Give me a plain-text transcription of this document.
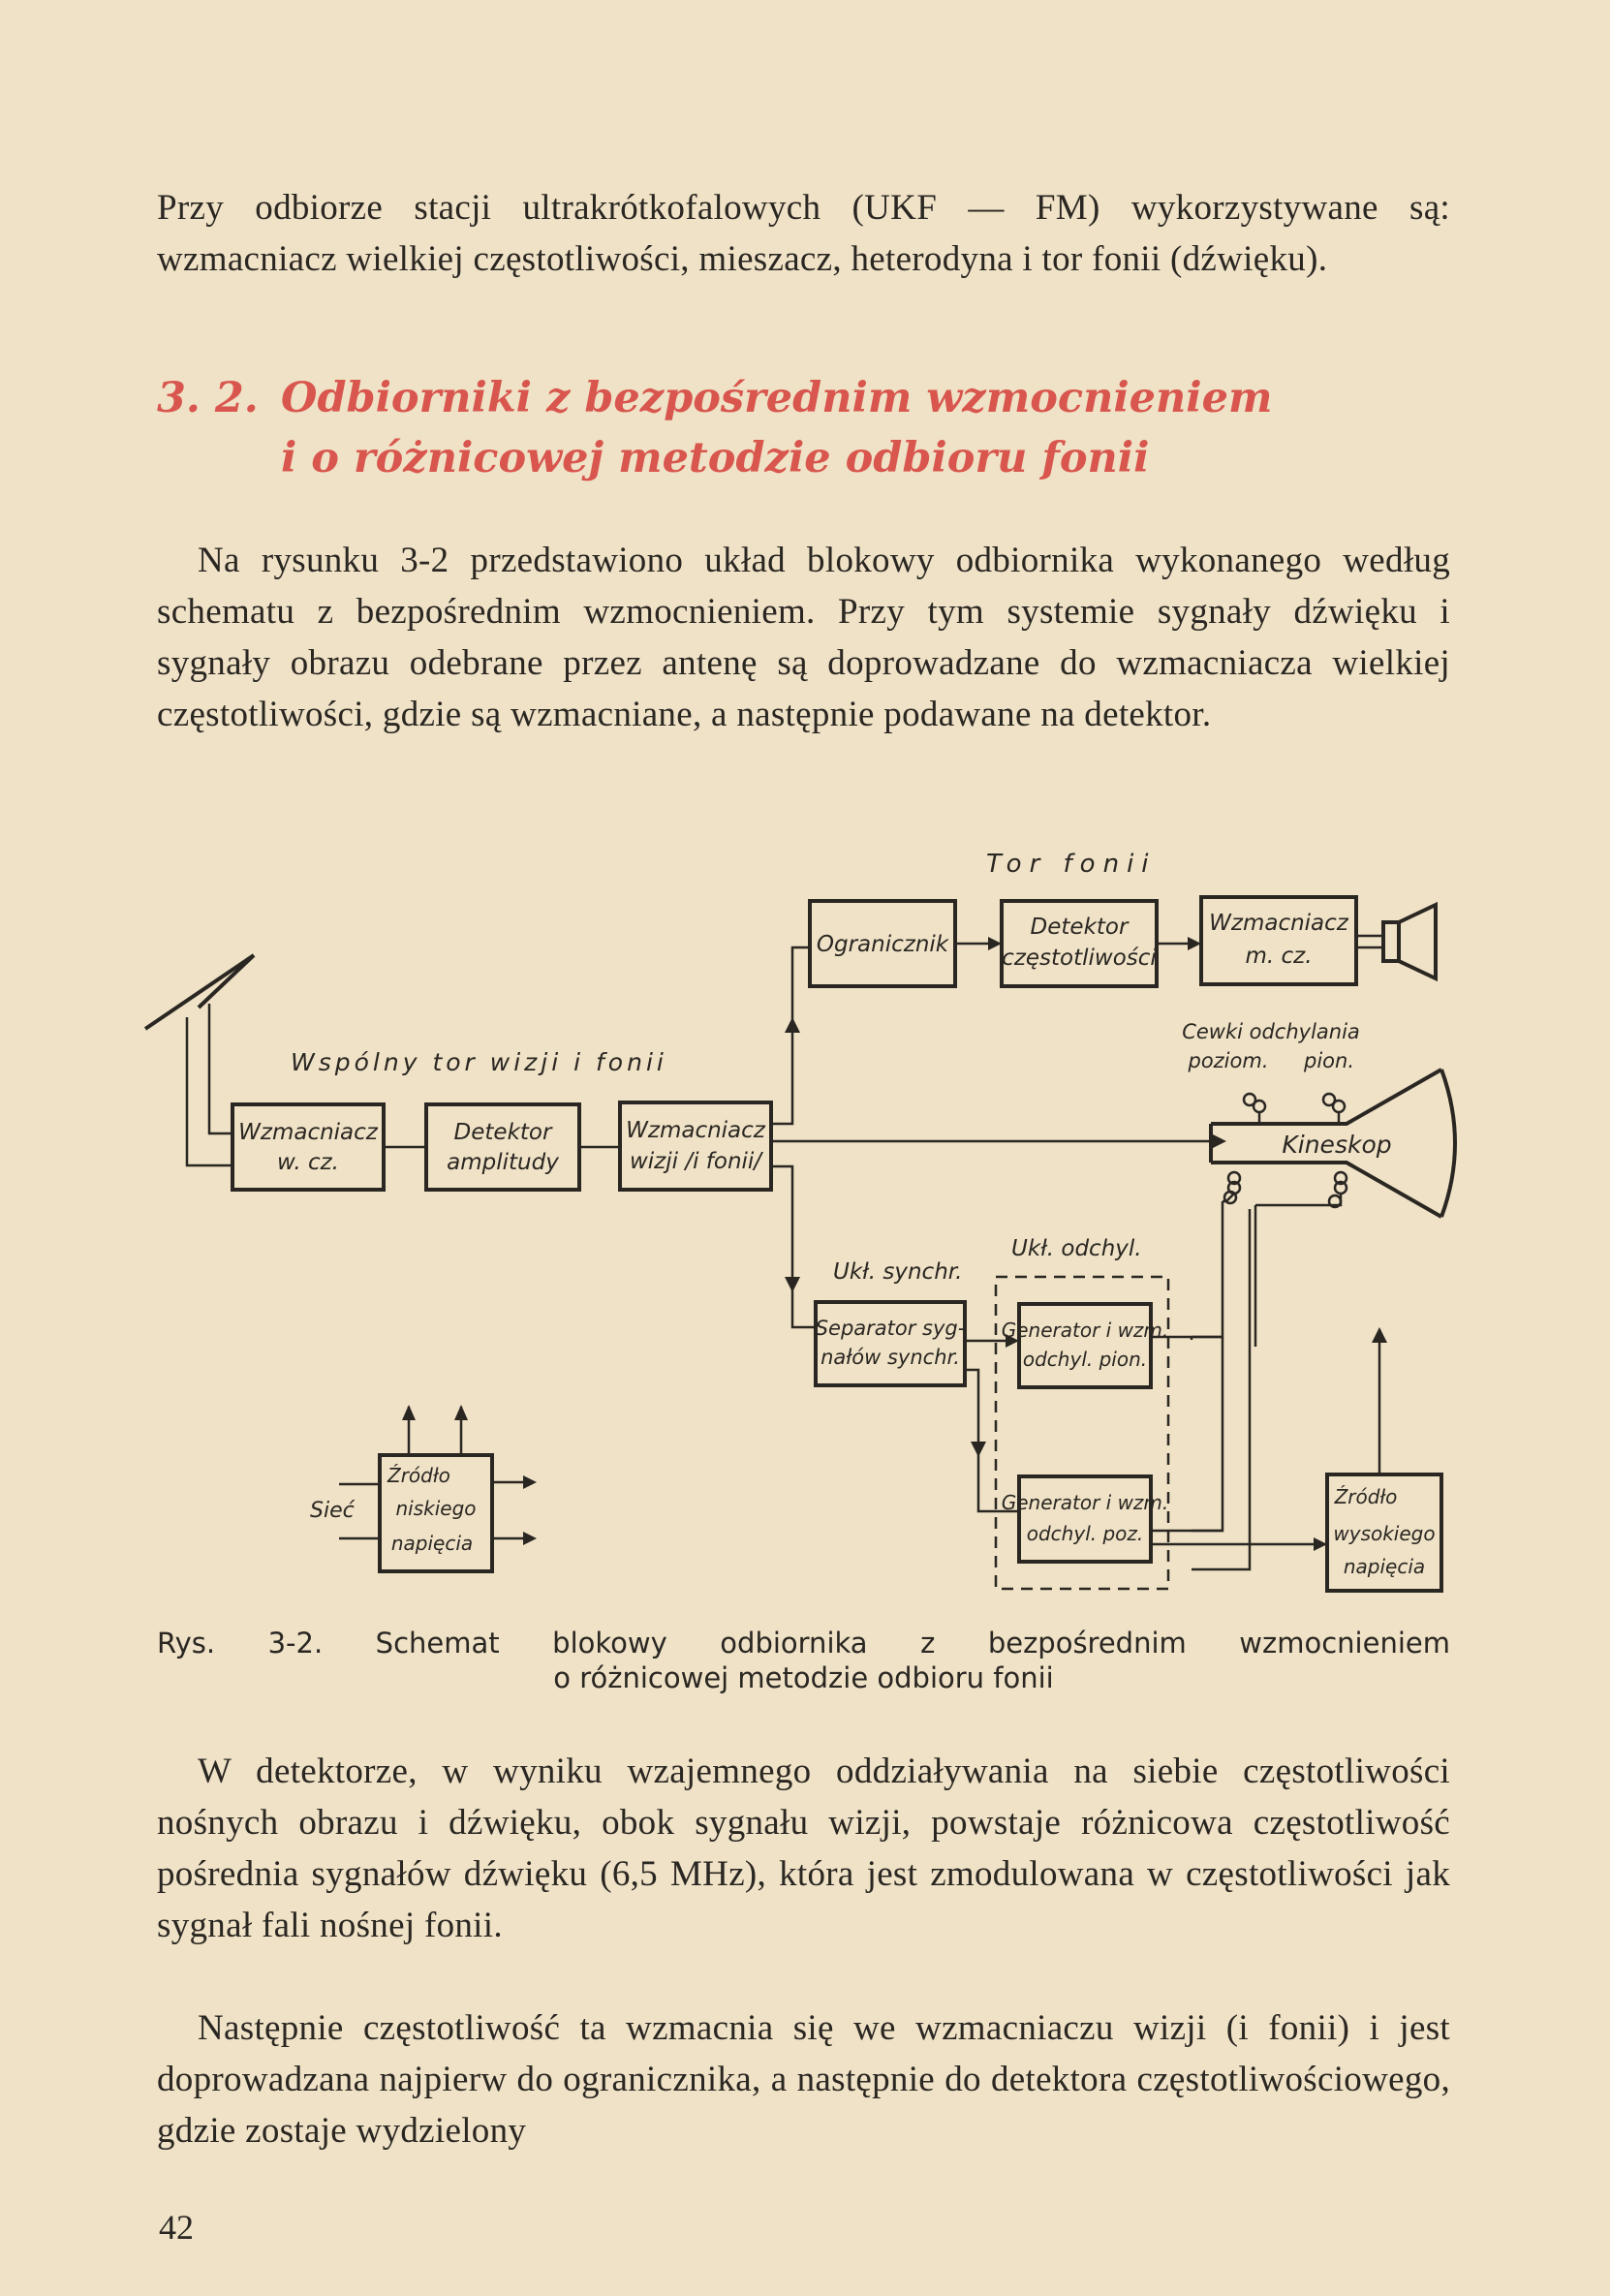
Przy odbiorze stacji ultrakrótkofalowych (UKF — FM) wykorzystywane są: wzmacniacz wielkiej częstotliwości, mieszacz, heterodyna i tor fonii (dźwięku).

3. 2. Odbiorniki z bezpośrednim wzmocnieniem
i o różnicowej metodzie odbioru fonii

Na rysunku 3-2 przedstawiono układ blokowy odbiornika wykonanego według schematu z bezpośrednim wzmocnieniem. Przy tym systemie sygnały dźwięku i sygnały obrazu odebrane przez antenę są doprowadzane do wzmacniacza wielkiej częstotliwości, gdzie są wzmacniane, a następnie podawane na detektor.

Wspólny tor wizji i fonii
Tor fonii
Wzmacniacz
w. cz.
Detektor
amplitudy
Wzmacniacz
wizji /i fonii/
Ogranicznik
Detektor
częstotliwości
Wzmacniacz
m. cz.
Kineskop
Cewki odchylania
poziom. pion.
Ukł. synchr.
Ukł. odchyl.
Separator syg-
nałów synchr.
Generator i wzm.
odchyl. pion.
Generator i wzm.
odchyl. poz.
Źródło
wysokiego
napięcia
Źródło
niskiego
napięcia
Sieć

Rys. 3-2. Schemat blokowy odbiornika z bezpośrednim wzmocnieniem
o różnicowej metodzie odbioru fonii

W detektorze, w wyniku wzajemnego oddziaływania na siebie częstotliwości nośnych obrazu i dźwięku, obok sygnału wizji, powstaje różnicowa częstotliwość pośrednia sygnałów dźwięku (6,5 MHz), która jest zmodulowana w częstotliwości jak sygnał fali nośnej fonii.

Następnie częstotliwość ta wzmacnia się we wzmacniaczu wizji (i fonii) i jest doprowadzana najpierw do ogranicznika, a następnie do detektora częstotliwościowego, gdzie zostaje wydzielony

42
